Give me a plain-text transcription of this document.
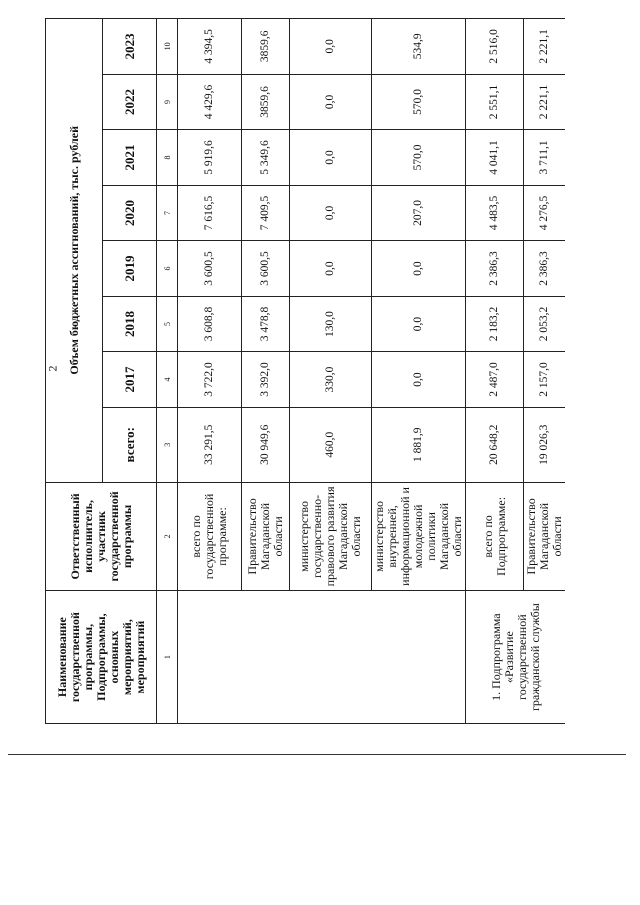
2
Наименование государственной программы, Подпрограммы, основных мероприятий, мероприятий	Ответственный исполнитель, участник государственной программы	Объем бюджетных ассигнований, тыс. рублей							
		всего:	2017	2018	2019	2020	2021	2022	2023
1	2	3	4	5	6	7	8	9	10
	всего по государственной программе:	33 291,5	3 722,0	3 608,8	3 600,5	7 616,5	5 919,6	4 429,6	4 394,5
	Правительство Магаданской области	30 949,6	3 392,0	3 478,8	3 600,5	7 409,5	5 349,6	3859,6	3859,6
	министерство государственно-правового развития Магаданской области	460,0	330,0	130,0	0,0	0,0	0,0	0,0	0,0
	министерство внутренней, информационной и молодежной политики Магаданской области	1 881,9	0,0	0,0	0,0	207,0	570,0	570,0	534,9
1. Подпрограмма «Развитие государственной гражданской службы	всего по Подпрограмме:	20 648,2	2 487,0	2 183,2	2 386,3	4 483,5	4 041,1	2 551,1	2 516,0
	Правительство Магаданской области	19 026,3	2 157,0	2 053,2	2 386,3	4 276,5	3 711,1	2 221,1	2 221,1
